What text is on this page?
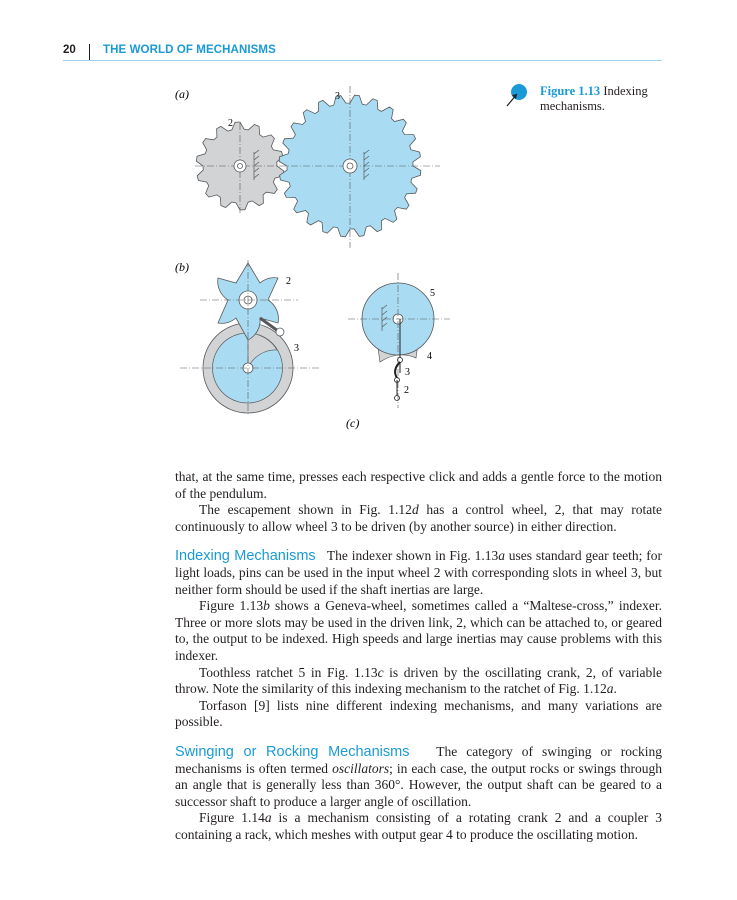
20 THE WORLD OF MECHANISMS
(a)
2
3
(b)
2
3
5
4
3
2
(c)
Figure 1.13 Indexing mechanisms.

that, at the same time, presses each respective click and adds a gentle force to the motion of the pendulum.

The escapement shown in Fig. 1.12d has a control wheel, 2, that may rotate continuously to allow wheel 3 to be driven (by another source) in either direction.

Indexing Mechanisms The indexer shown in Fig. 1.13a uses standard gear teeth; for light loads, pins can be used in the input wheel 2 with corresponding slots in wheel 3, but neither form should be used if the shaft inertias are large.

Figure 1.13b shows a Geneva-wheel, sometimes called a “Maltese-cross,” indexer. Three or more slots may be used in the driven link, 2, which can be attached to, or geared to, the output to be indexed. High speeds and large inertias may cause problems with this indexer.

Toothless ratchet 5 in Fig. 1.13c is driven by the oscillating crank, 2, of variable throw. Note the similarity of this indexing mechanism to the ratchet of Fig. 1.12a.

Torfason [9] lists nine different indexing mechanisms, and many variations are possible.

Swinging or Rocking Mechanisms The category of swinging or rocking mechanisms is often termed oscillators; in each case, the output rocks or swings through an angle that is generally less than 360°. However, the output shaft can be geared to a successor shaft to produce a larger angle of oscillation.

Figure 1.14a is a mechanism consisting of a rotating crank 2 and a coupler 3 containing a rack, which meshes with output gear 4 to produce the oscillating motion.
